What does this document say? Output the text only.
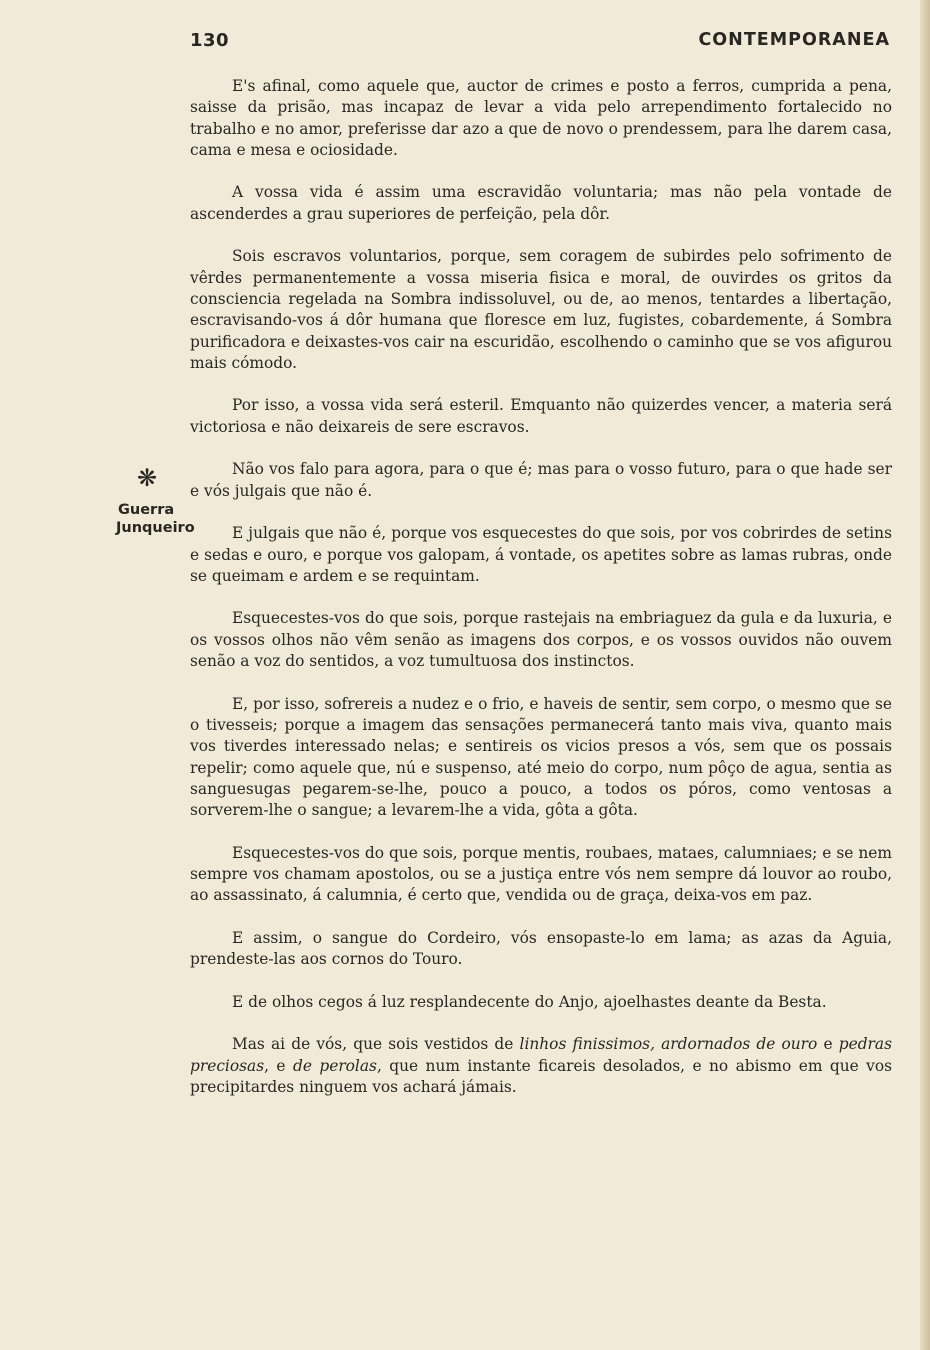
130	CONTEMPORANEA
❋
Guerra
Junqueiro

E's afinal, como aquele que, auctor de crimes e posto a ferros, cumprida a pena, saisse da prisão, mas incapaz de levar a vida pelo arrependimento fortalecido no trabalho e no amor, preferisse dar azo a que de novo o prendessem, para lhe darem casa, cama e mesa e ociosidade.

A vossa vida é assim uma escravidão voluntaria; mas não pela vontade de ascenderdes a grau superiores de perfeição, pela dôr.

Sois escravos voluntarios, porque, sem coragem de subirdes pelo sofrimento de vêrdes permanentemente a vossa miseria fisica e moral, de ouvirdes os gritos da consciencia regelada na Sombra indissoluvel, ou de, ao menos, tentardes a libertação, escravisando-vos á dôr humana que floresce em luz, fugistes, cobardemente, á Sombra purificadora e deixastes-vos cair na escuridão, escolhendo o caminho que se vos afigurou mais cómodo.

Por isso, a vossa vida será esteril. Emquanto não quizerdes vencer, a materia será victoriosa e não deixareis de sere escravos.

Não vos falo para agora, para o que é; mas para o vosso futuro, para o que hade ser e vós julgais que não é.

E julgais que não é, porque vos esquecestes do que sois, por vos cobrirdes de setins e sedas e ouro, e porque vos galopam, á vontade, os apetites sobre as lamas rubras, onde se queimam e ardem e se requintam.

Esquecestes-vos do que sois, porque rastejais na embriaguez da gula e da luxuria, e os vossos olhos não vêm senão as imagens dos corpos, e os vossos ouvidos não ouvem senão a voz do sentidos, a voz tumultuosa dos instinctos.

E, por isso, sofrereis a nudez e o frio, e haveis de sentir, sem corpo, o mesmo que se o tivesseis; porque a imagem das sensações permanecerá tanto mais viva, quanto mais vos tiverdes interessado nelas; e sentireis os vicios presos a vós, sem que os possais repelir; como aquele que, nú e suspenso, até meio do corpo, num pôço de agua, sentia as sanguesugas pegarem-se-lhe, pouco a pouco, a todos os póros, como ventosas a sorverem-lhe o sangue; a levarem-lhe a vida, gôta a gôta.

Esquecestes-vos do que sois, porque mentis, roubaes, mataes, calumniaes; e se nem sempre vos chamam apostolos, ou se a justiça entre vós nem sempre dá louvor ao roubo, ao assassinato, á calumnia, é certo que, vendida ou de graça, deixa-vos em paz.

E assim, o sangue do Cordeiro, vós ensopaste-lo em lama; as azas da Aguia, prendeste-las aos cornos do Touro.

E de olhos cegos á luz resplandecente do Anjo, ajoelhastes deante da Besta.

Mas ai de vós, que sois vestidos de linhos finissimos, ardornados de ouro e pedras preciosas, e de perolas, que num instante ficareis desolados, e no abismo em que vos precipitardes ninguem vos achará jámais.
